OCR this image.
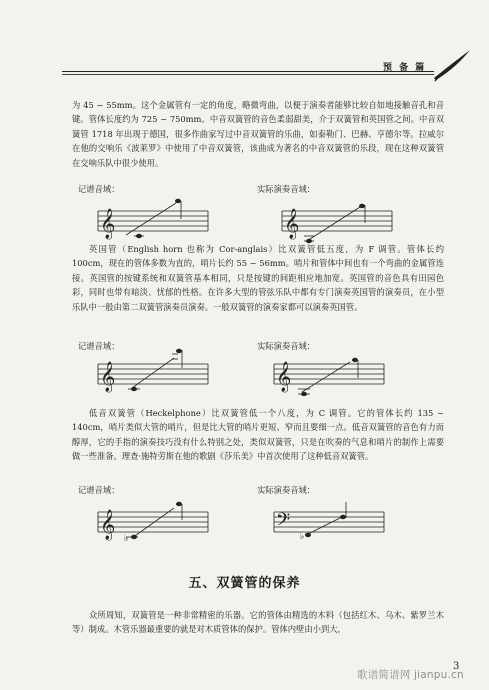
预 备 篇

为 45 ~ 55mm。这个金属管有一定的角度，略微弯曲，以便于演奏者能够比较自如地接触音孔和音键。管体长度约为 725 ~ 750mm。中音双簧管的音色柔弱甜美，介于双簧管和英国管之间。中音双簧管 1718 年出现于德国，很多作曲家写过中音双簧管的乐曲，如泰勒门、巴赫、亨德尔等。拉威尔在他的交响乐《波莱罗》中使用了中音双簧管，该曲成为著名的中音双簧管的乐段，现在这种双簧管在交响乐队中很少使用。

记谱音域：	实际演奏音域：

𝄞	𝄞

英国管（English horn 也称为 Cor-anglais）比双簧管低五度，为 F 调管。管体长约 100cm，现在的管体多数为直的，哨片长约 55 ~ 56mm。哨片和管体中间也有一个弯曲的金属管连接。英国管的按键系统和双簧管基本相同，只是按键的间距相应地加宽。英国管的音色具有田园色彩，同时也带有暗淡、忧郁的性格。在许多大型的管弦乐队中都有专门演奏英国管的演奏员，在小型乐队中一般由第二双簧管演奏员演奏。一般双簧管的演奏家都可以演奏英国管。

记谱音域：	实际演奏音域：

𝄞	𝄞

低音双簧管（Heckelphone）比双簧管低一个八度，为 C 调管。它的管体长约 135 ~ 140cm，哨片类似大管的哨片，但是比大管的哨片更短、窄而且要细一点。低音双簧管的音色有力而醇厚，它的手指的演奏技巧没有什么特别之处，类似双簧管，只是在吹奏的气息和哨片的制作上需要做一些准备。理查·施特劳斯在他的歌剧《莎乐美》中首次使用了这种低音双簧管。

记谱音域：	实际演奏音域：

𝄞 ♭
𝄢
♭
五、双簧管的保养

众所周知，双簧管是一种非常精密的乐器。它的管体由精选的木料（包括红木、乌木、紫罗兰木等）制成。木管乐器最重要的就是对木质管体的保护。管体内壁由小到大，

3
歌谱简谱网 jianpu.cn
